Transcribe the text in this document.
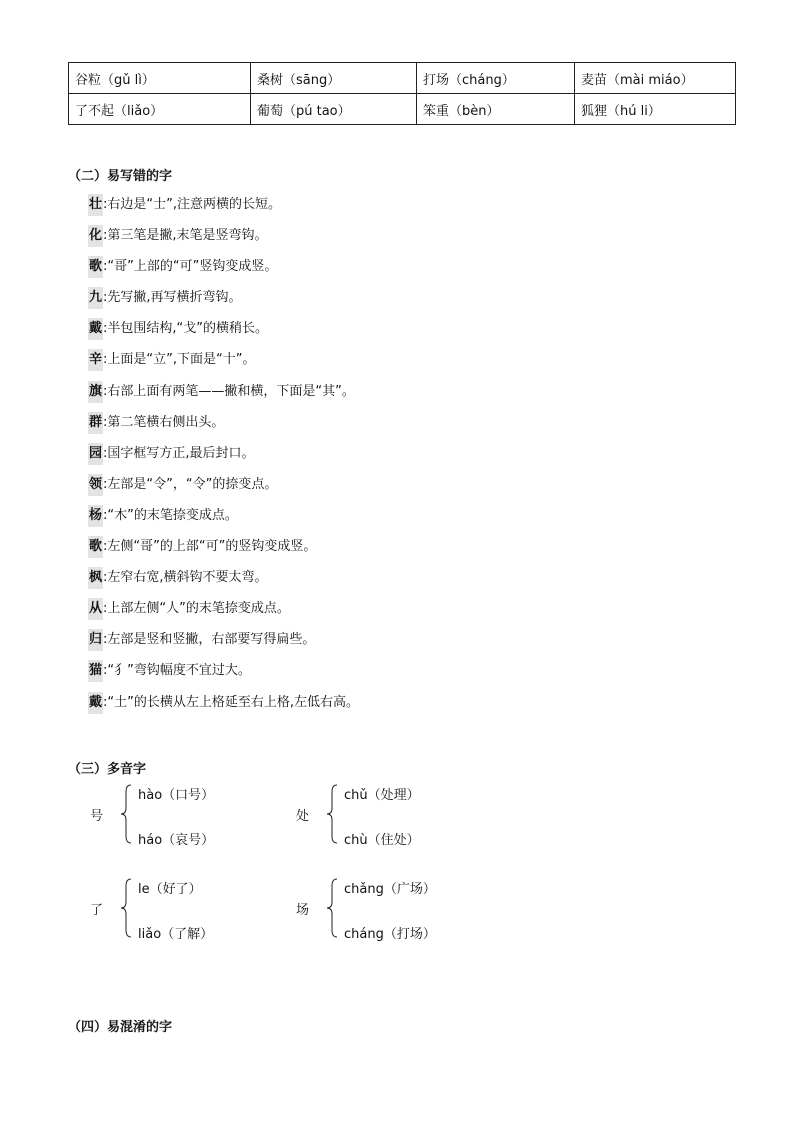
谷粒（gǔ lì）	桑树（sāng）	打场（cháng）	麦苗（mài miáo）
了不起（liǎo）	葡萄（pú tao）	笨重（bèn）	狐狸（hú li）
（二）易写错的字
壮:右边是“士”,注意两横的长短。
化:第三笔是撇,末笔是竖弯钩。
歌:“哥”上部的“可”竖钩变成竖。
九:先写撇,再写横折弯钩。
戴:半包围结构,“戈”的横稍长。
辛:上面是“立”,下面是“十”。
旗:右部上面有两笔——撇和横，下面是“其”。
群:第二笔横右侧出头。
园:国字框写方正,最后封口。
领:左部是“令”，“令”的捺变点。
杨:“木”的末笔捺变成点。
歌:左侧“哥”的上部“可”的竖钩变成竖。
枫:左窄右宽,横斜钩不要太弯。
从:上部左侧“人”的末笔捺变成点。
归:左部是竖和竖撇，右部要写得扁些。
猫:“犭”弯钩幅度不宜过大。
戴:“土”的长横从左上格延至右上格,左低右高。
（三）多音字
号
hào（口号）
háo（哀号）
处
chǔ（处理）
chù（住处）
了
le（好了）
liǎo（了解）
场
chǎng（广场）
cháng（打场）
（四）易混淆的字
